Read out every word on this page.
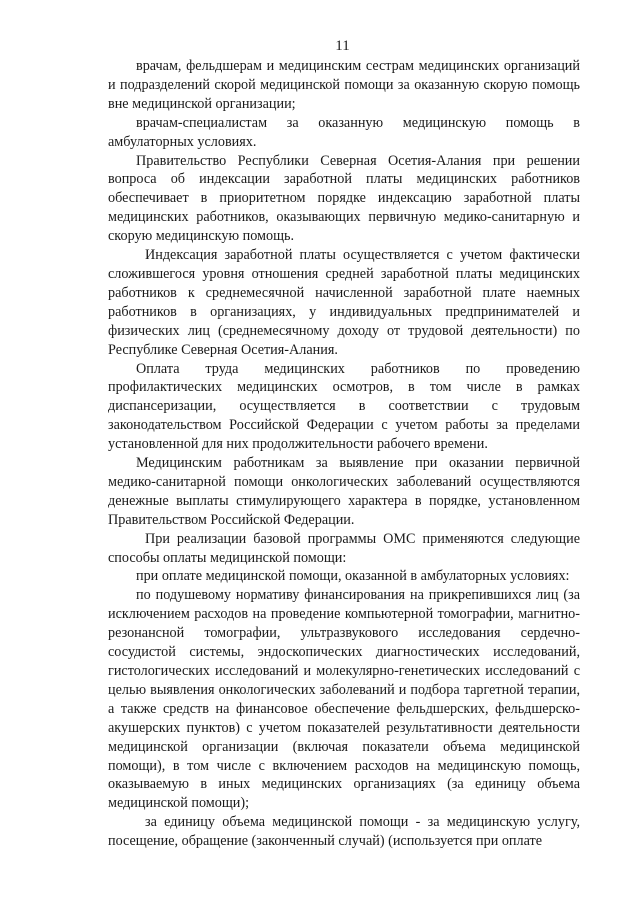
11

врачам, фельдшерам и медицинским сестрам медицинских организаций и подразделений скорой медицинской помощи за оказанную скорую помощь вне медицинской организации;

врачам-специалистам за оказанную медицинскую помощь в амбулаторных условиях.

Правительство Республики Северная Осетия-Алания при решении вопроса об индексации заработной платы медицинских работников обеспечивает в приоритетном порядке индексацию заработной платы медицинских работников, оказывающих первичную медико-санитарную и скорую медицинскую помощь.

Индексация заработной платы осуществляется с учетом фактически сложившегося уровня отношения средней заработной платы медицинских работников к среднемесячной начисленной заработной плате наемных работников в организациях, у индивидуальных предпринимателей и физических лиц (среднемесячному доходу от трудовой деятельности) по Республике Северная Осетия-Алания.

Оплата труда медицинских работников по проведению профилактических медицинских осмотров, в том числе в рамках диспансеризации, осуществляется в соответствии с трудовым законодательством Российской Федерации с учетом работы за пределами установленной для них продолжительности рабочего времени.

Медицинским работникам за выявление при оказании первичной медико-санитарной помощи онкологических заболеваний осуществляются денежные выплаты стимулирующего характера в порядке, установленном Правительством Российской Федерации.

При реализации базовой программы ОМС применяются следующие способы оплаты медицинской помощи:

при оплате медицинской помощи, оказанной в амбулаторных условиях:

по подушевому нормативу финансирования на прикрепившихся лиц (за исключением расходов на проведение компьютерной томографии, магнитно-резонансной томографии, ультразвукового исследования сердечно-сосудистой системы, эндоскопических диагностических исследований, гистологических исследований и молекулярно-генетических исследований с целью выявления онкологических заболеваний и подбора таргетной терапии, а также средств на финансовое обеспечение фельдшерских, фельдшерско-акушерских пунктов) с учетом показателей результативности деятельности медицинской организации (включая показатели объема медицинской помощи), в том числе с включением расходов на медицинскую помощь, оказываемую в иных медицинских организациях (за единицу объема медицинской помощи);

за единицу объема медицинской помощи - за медицинскую услугу, посещение, обращение (законченный случай) (используется при оплате
